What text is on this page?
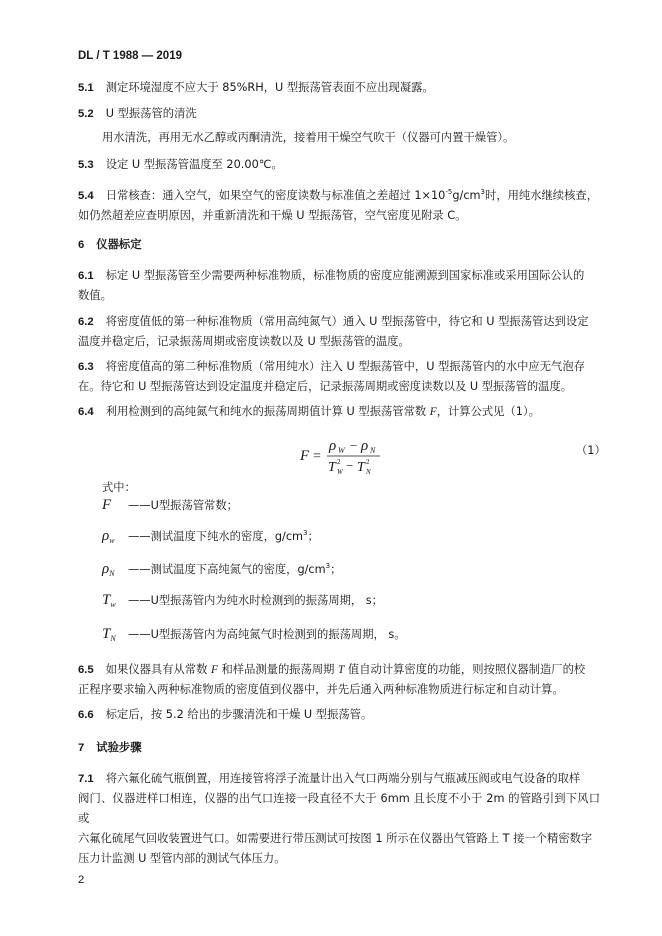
DL / T 1988 — 2019
5.1 测定环境湿度不应大于 85%RH，U 型振荡管表面不应出现凝露。
5.2 U 型振荡管的清洗
用水清洗，再用无水乙醇或丙酮清洗，接着用干燥空气吹干（仪器可内置干燥管）。
5.3 设定 U 型振荡管温度至 20.00℃。
5.4 日常核查：通入空气，如果空气的密度读数与标准值之差超过 $1\times 10^{-5}g/cm^3$时，用纯水继续核查，
如仍然超差应查明原因，并重新清洗和干燥 U 型振荡管，空气密度见附录 C。
6 仪器标定
6.1 标定 U 型振荡管至少需要两种标准物质，标准物质的密度应能溯源到国家标准或采用国际公认的
数值。
6.2 将密度值低的第一种标准物质（常用高纯氮气）通入 U 型振荡管中，待它和 U 型振荡管达到设定
温度并稳定后，记录振荡周期或密度读数以及 U 型振荡管的温度。
6.3 将密度值高的第二种标准物质（常用纯水）注入 U 型振荡管中，U 型振荡管内的水中应无气泡存
在。待它和 U 型振荡管达到设定温度并稳定后，记录振荡周期或密度读数以及 U 型振荡管的温度。
6.4 利用检测到的高纯氮气和纯水的振荡周期值计算 U 型振荡管常数 F，计算公式见（1）。
F =
ρ W − ρ N
T W
2 − T N
2
（1）
式中：
F ——U型振荡管常数；
$\rho_w$ ——测试温度下纯水的密度，$g/cm^3$；
$\rho_N$ ——测试温度下高纯氮气的密度，$g/cm^3$；
$T_w$ ——U型振荡管内为纯水时检测到的振荡周期， s；
$T_N$ ——U型振荡管内为高纯氮气时检测到的振荡周期， s。
6.5 如果仪器具有从常数 F 和样品测量的振荡周期 T 值自动计算密度的功能，则按照仪器制造厂的校
正程序要求输入两种标准物质的密度值到仪器中，并先后通入两种标准物质进行标定和自动计算。
6.6 标定后，按 5.2 给出的步骤清洗和干燥 U 型振荡管。
7 试验步骤
7.1 将六氟化硫气瓶倒置，用连接管将浮子流量计出入气口两端分别与气瓶减压阀或电气设备的取样
阀门、仪器进样口相连，仪器的出气口连接一段直径不大于 6mm 且长度不小于 2m 的管路引到下风口或
六氟化硫尾气回收装置进气口。如需要进行带压测试可按图 1 所示在仪器出气管路上 T 接一个精密数字
压力计监测 U 型管内部的测试气体压力。
2
